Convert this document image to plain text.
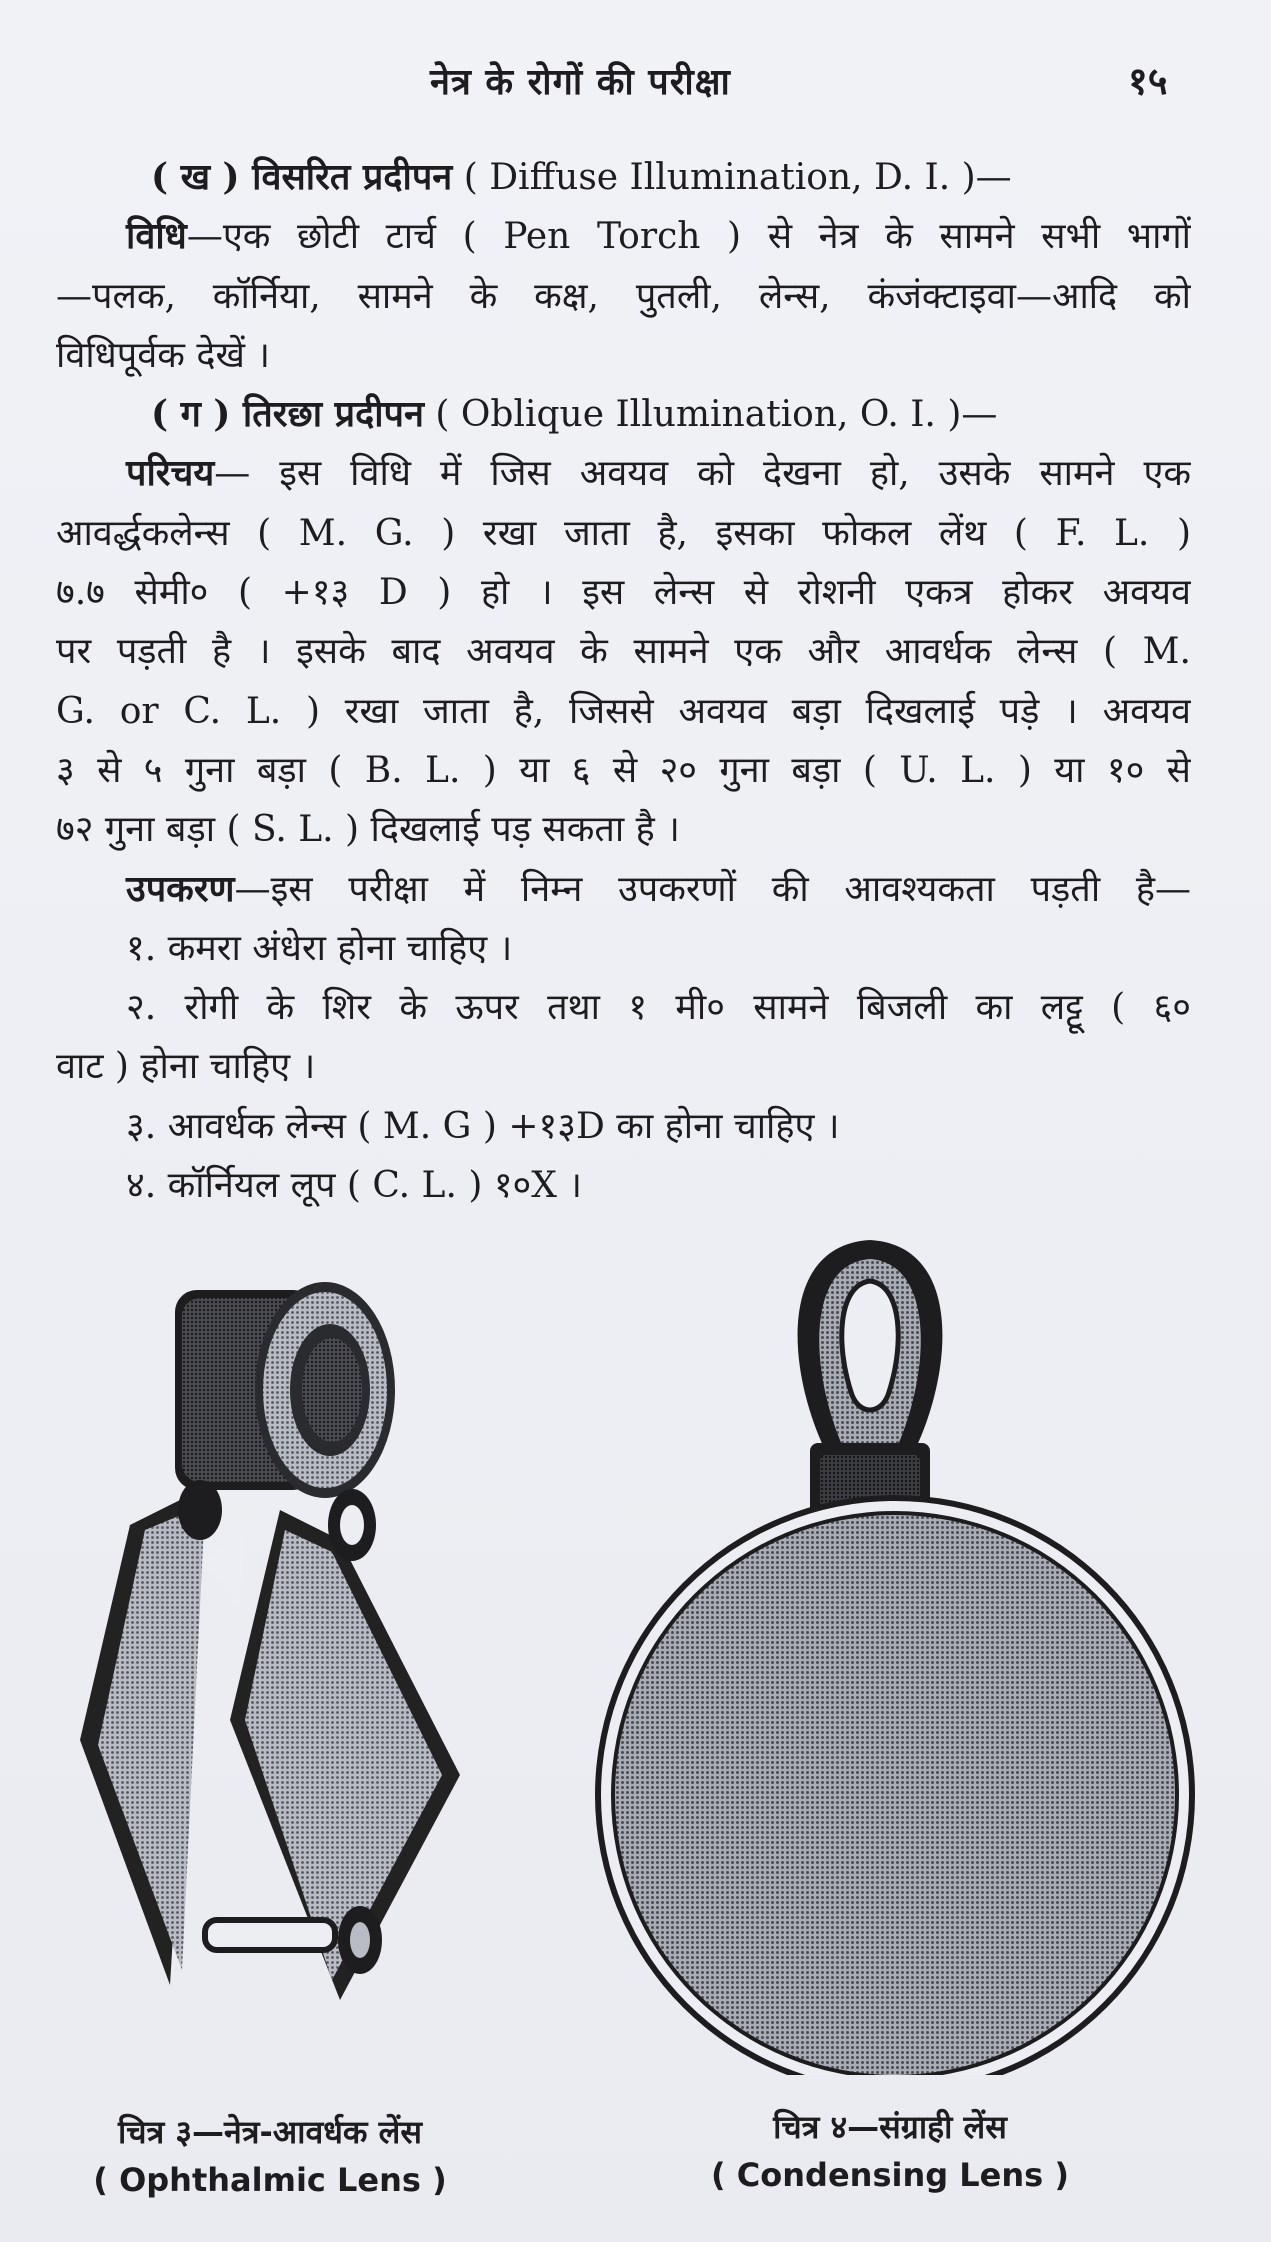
नेत्र के रोगों की परीक्षा	१५
( ख ) विसरित प्रदीपन ( Diffuse Illumination, D. I. )—
विधि—एक छोटी टार्च ( Pen Torch ) से नेत्र के सामने सभी भागों
—पलक, कॉर्निया, सामने के कक्ष, पुतली, लेन्स, कंजंक्टाइवा—आदि को
विधिपूर्वक देखें ।
( ग ) तिरछा प्रदीपन ( Oblique Illumination, O. I. )—
परिचय— इस विधि में जिस अवयव को देखना हो, उसके सामने एक
आवर्द्धकलेन्स ( M. G. ) रखा जाता है, इसका फोकल लेंथ ( F. L. )
७.७ सेमी० ( +१३ D ) हो । इस लेन्स से रोशनी एकत्र होकर अवयव
पर पड़ती है । इसके बाद अवयव के सामने एक और आवर्धक लेन्स ( M.
G. or C. L. ) रखा जाता है, जिससे अवयव बड़ा दिखलाई पड़े । अवयव
३ से ५ गुना बड़ा ( B. L. ) या ६ से २० गुना बड़ा ( U. L. ) या १० से
७२ गुना बड़ा ( S. L. ) दिखलाई पड़ सकता है ।
उपकरण—इस परीक्षा में निम्न उपकरणों की आवश्यकता पड़ती है—
१. कमरा अंधेरा होना चाहिए ।
२. रोगी के शिर के ऊपर तथा १ मी० सामने बिजली का लट्टू ( ६०
वाट ) होना चाहिए ।
३. आवर्धक लेन्स ( M. G ) +१३D का होना चाहिए ।
४. कॉर्नियल लूप ( C. L. ) १०X ।
चित्र ३—नेत्र-आवर्धक लेंस
( Ophthalmic Lens )
चित्र ४—संग्राही लेंस
( Condensing Lens )
